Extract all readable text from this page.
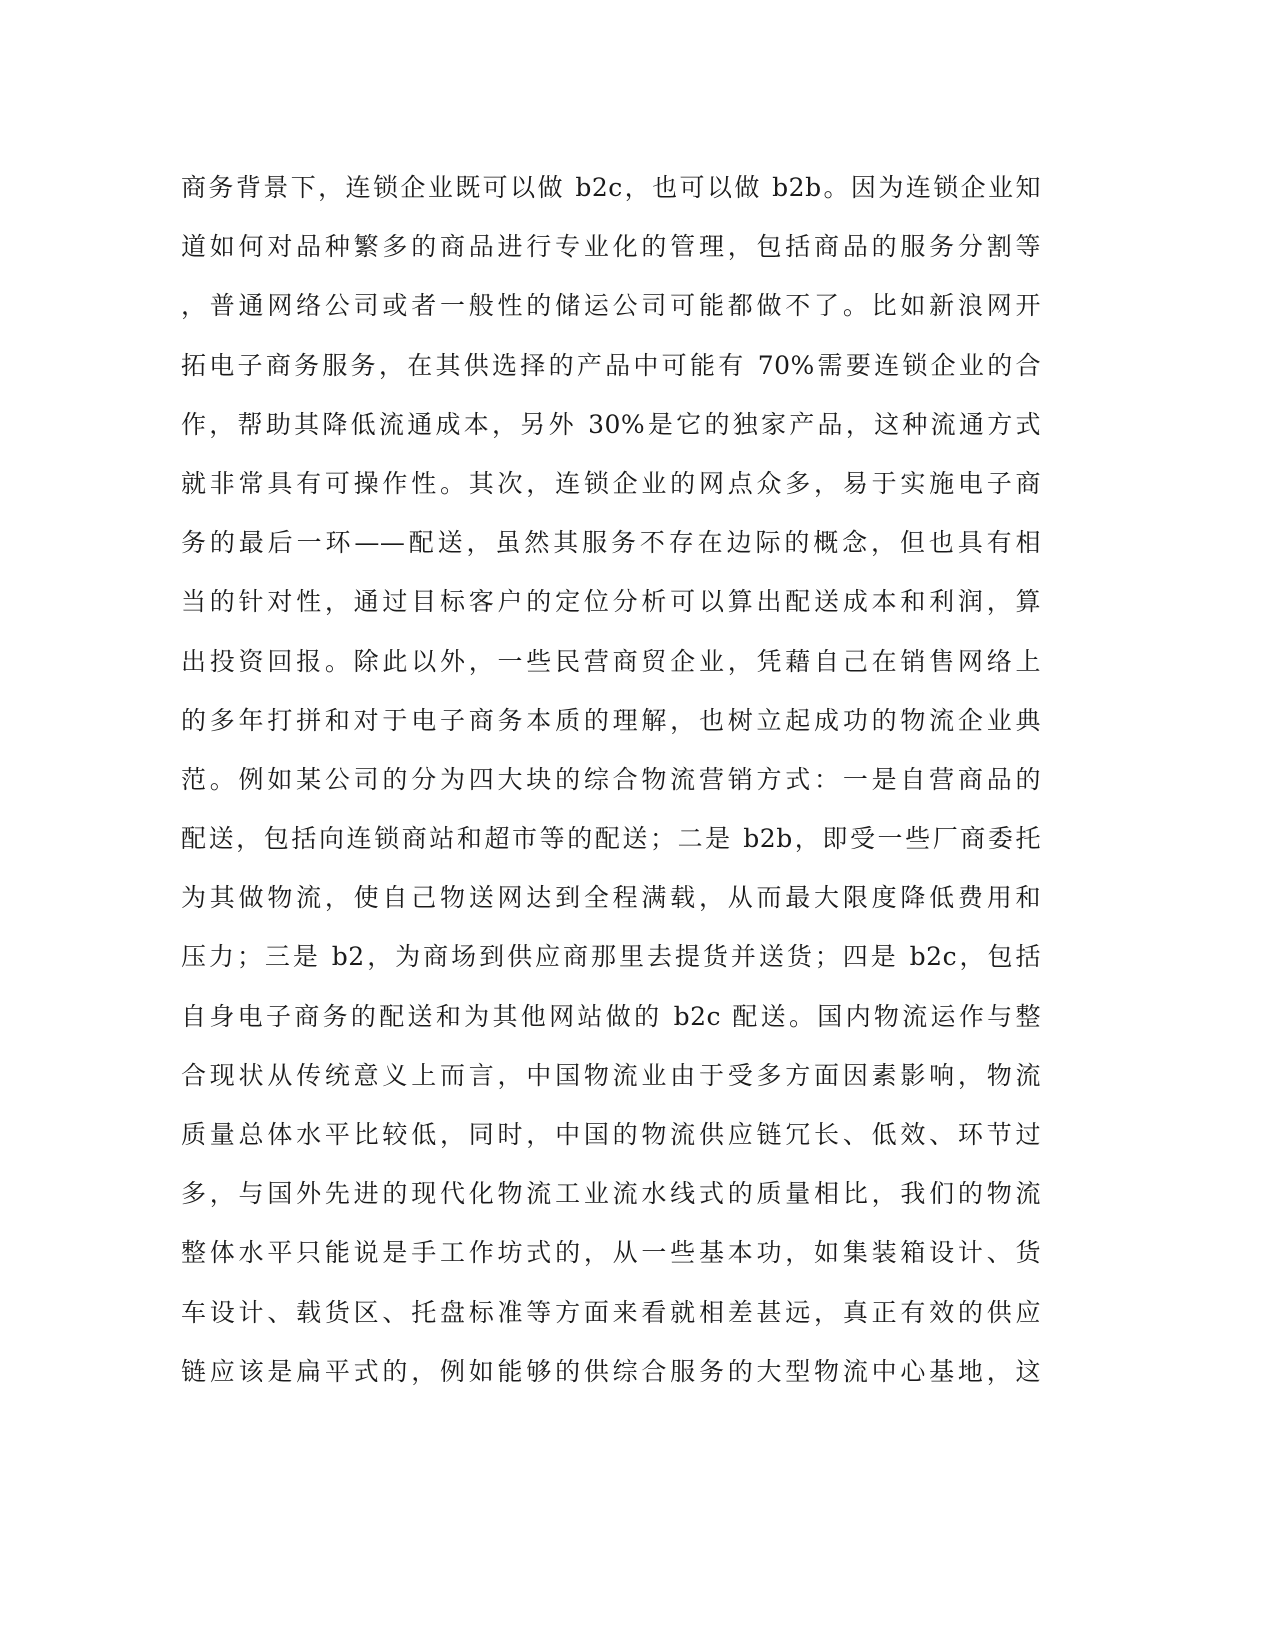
商务背景下，连锁企业既可以做 b2c，也可以做 b2b。因为连锁企业知
道如何对品种繁多的商品进行专业化的管理，包括商品的服务分割等
，普通网络公司或者一般性的储运公司可能都做不了。比如新浪网开
拓电子商务服务，在其供选择的产品中可能有 70%需要连锁企业的合
作，帮助其降低流通成本，另外 30%是它的独家产品，这种流通方式
就非常具有可操作性。其次，连锁企业的网点众多，易于实施电子商
务的最后一环——配送，虽然其服务不存在边际的概念，但也具有相
当的针对性，通过目标客户的定位分析可以算出配送成本和利润，算
出投资回报。除此以外，一些民营商贸企业，凭藉自己在销售网络上
的多年打拼和对于电子商务本质的理解，也树立起成功的物流企业典
范。例如某公司的分为四大块的综合物流营销方式：一是自营商品的
配送，包括向连锁商站和超市等的配送；二是 b2b，即受一些厂商委托
为其做物流，使自己物送网达到全程满载，从而最大限度降低费用和
压力；三是 b2，为商场到供应商那里去提货并送货；四是 b2c，包括
自身电子商务的配送和为其他网站做的 b2c 配送。国内物流运作与整
合现状从传统意义上而言，中国物流业由于受多方面因素影响，物流
质量总体水平比较低，同时，中国的物流供应链冗长、低效、环节过
多，与国外先进的现代化物流工业流水线式的质量相比，我们的物流
整体水平只能说是手工作坊式的，从一些基本功，如集装箱设计、货
车设计、载货区、托盘标准等方面来看就相差甚远，真正有效的供应
链应该是扁平式的，例如能够的供综合服务的大型物流中心基地，这
